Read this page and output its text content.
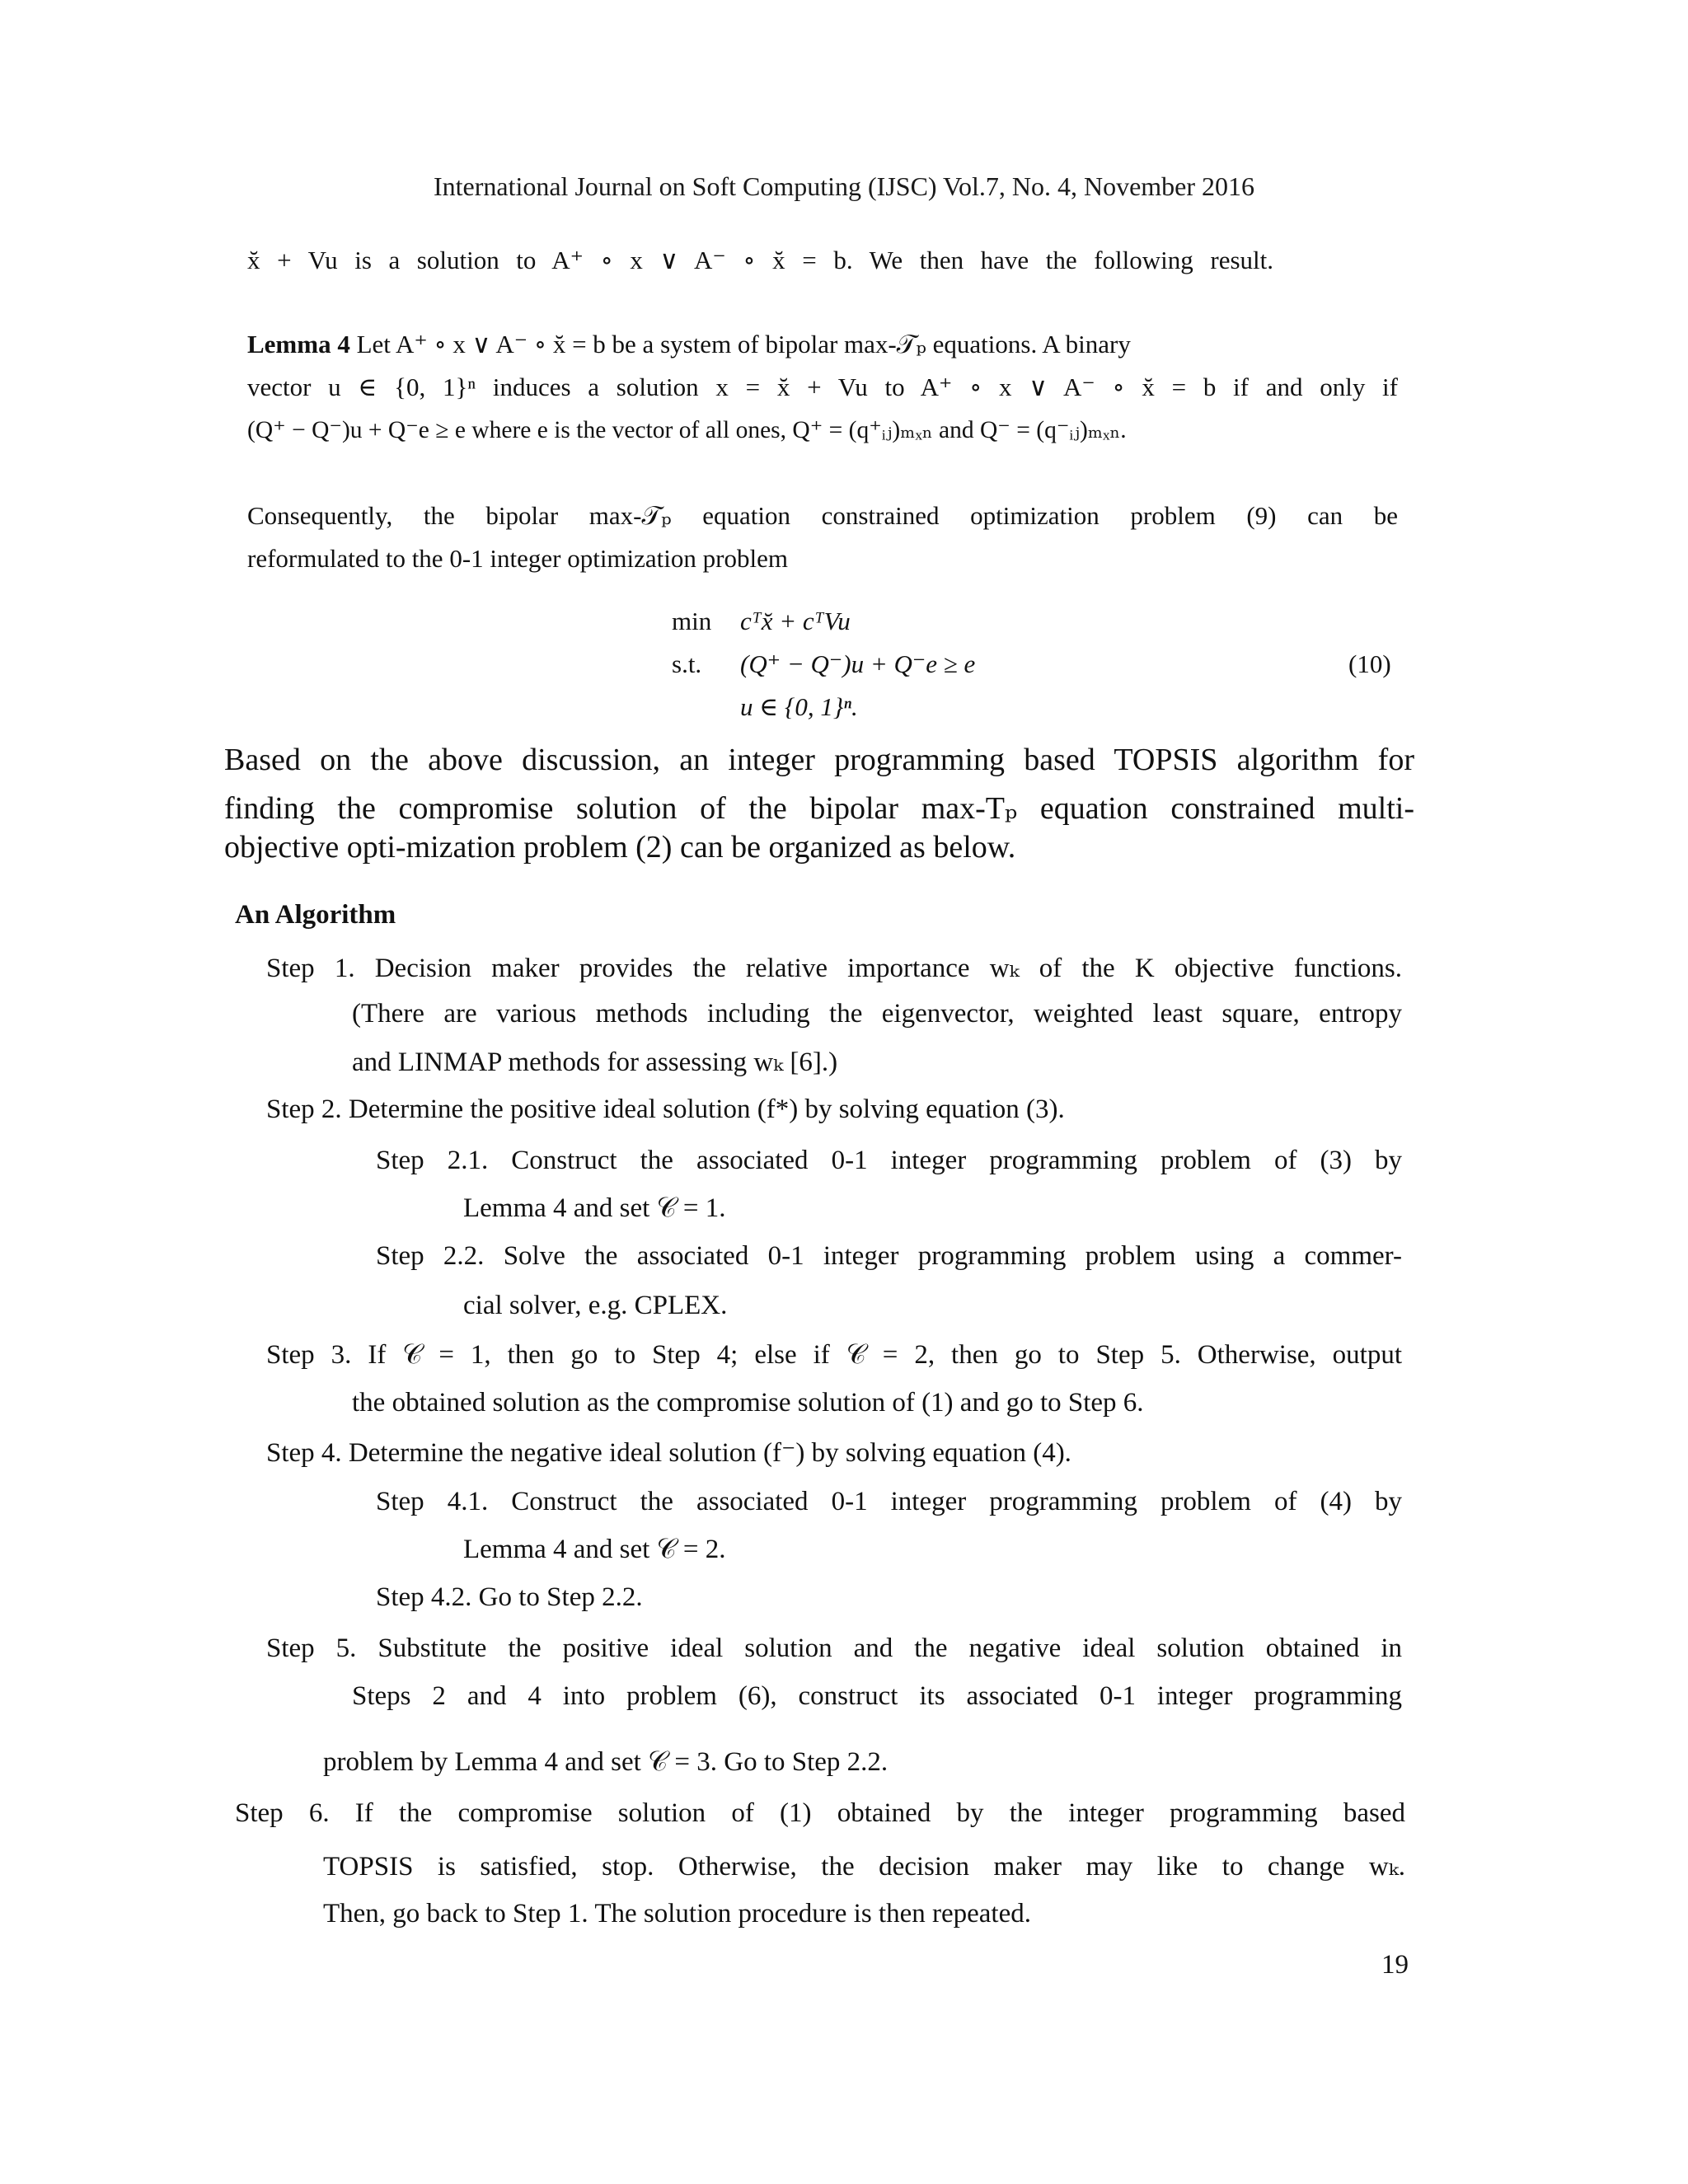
International Journal on Soft Computing (IJSC) Vol.7, No. 4, November 2016
x̆ + Vu is a solution to A⁺ ∘ x ∨ A⁻ ∘ x̆ = b. We then have the following result.
Lemma 4 Let A⁺ ∘ x ∨ A⁻ ∘ x̆ = b be a system of bipolar max-𝒯ₚ equations. A binary
vector u ∈ {0, 1}ⁿ induces a solution x = x̆ + Vu to A⁺ ∘ x ∨ A⁻ ∘ x̆ = b if and only if
(Q⁺ − Q⁻)u + Q⁻e ≥ e where e is the vector of all ones, Q⁺ = (q⁺ᵢⱼ)ₘₓₙ and Q⁻ = (q⁻ᵢⱼ)ₘₓₙ.
Consequently, the bipolar max-𝒯ₚ equation constrained optimization problem (9) can be
reformulated to the 0-1 integer optimization problem
min cᵀx̆ + cᵀVu
s.t. (Q⁺ − Q⁻)u + Q⁻e ≥ e	(10)
u ∈ {0, 1}ⁿ.
Based on the above discussion, an integer programming based TOPSIS algorithm for
finding the compromise solution of the bipolar max-Tₚ equation constrained multi-
objective opti-mization problem (2) can be organized as below.
An Algorithm
Step 1. Decision maker provides the relative importance wₖ of the K objective functions.
(There are various methods including the eigenvector, weighted least square, entropy
and LINMAP methods for assessing wₖ [6].)
Step 2. Determine the positive ideal solution (f*) by solving equation (3).
Step 2.1. Construct the associated 0-1 integer programming problem of (3) by
Lemma 4 and set 𝒞 = 1.
Step 2.2. Solve the associated 0-1 integer programming problem using a commer-
cial solver, e.g. CPLEX.
Step 3. If 𝒞 = 1, then go to Step 4; else if 𝒞 = 2, then go to Step 5. Otherwise, output
the obtained solution as the compromise solution of (1) and go to Step 6.
Step 4. Determine the negative ideal solution (f⁻) by solving equation (4).
Step 4.1. Construct the associated 0-1 integer programming problem of (4) by
Lemma 4 and set 𝒞 = 2.
Step 4.2. Go to Step 2.2.
Step 5. Substitute the positive ideal solution and the negative ideal solution obtained in
Steps 2 and 4 into problem (6), construct its associated 0-1 integer programming
problem by Lemma 4 and set 𝒞 = 3. Go to Step 2.2.
Step 6. If the compromise solution of (1) obtained by the integer programming based
TOPSIS is satisfied, stop. Otherwise, the decision maker may like to change wₖ.
Then, go back to Step 1. The solution procedure is then repeated.
19
